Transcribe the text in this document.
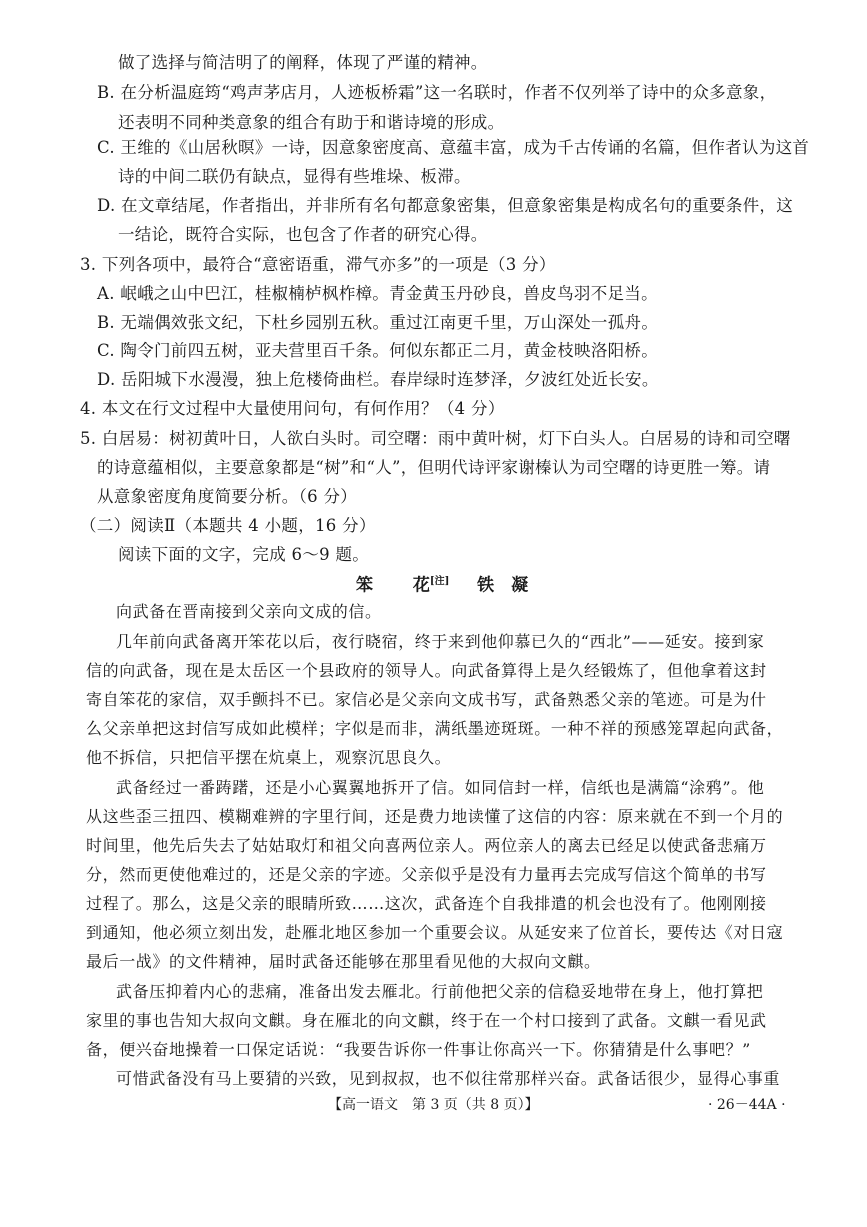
做了选择与简洁明了的阐释，体现了严谨的精神。
B. 在分析温庭筠“鸡声茅店月，人迹板桥霜”这一名联时，作者不仅列举了诗中的众多意象，
还表明不同种类意象的组合有助于和谐诗境的形成。
C. 王维的《山居秋暝》一诗，因意象密度高、意蕴丰富，成为千古传诵的名篇，但作者认为这首
诗的中间二联仍有缺点，显得有些堆垛、板滞。
D. 在文章结尾，作者指出，并非所有名句都意象密集，但意象密集是构成名句的重要条件，这
一结论，既符合实际，也包含了作者的研究心得。
3. 下列各项中，最符合“意密语重，滞气亦多”的一项是（3 分）
A. 岷峨之山中巴江，桂椒楠栌枫柞樟。青金黄玉丹砂良，兽皮鸟羽不足当。
B. 无端偶效张文纪，下杜乡园别五秋。重过江南更千里，万山深处一孤舟。
C. 陶令门前四五树，亚夫营里百千条。何似东都正二月，黄金枝映洛阳桥。
D. 岳阳城下水漫漫，独上危楼倚曲栏。春岸绿时连梦泽，夕波红处近长安。
4. 本文在行文过程中大量使用问句，有何作用？（4 分）
5. 白居易：树初黄叶日，人欲白头时。司空曙：雨中黄叶树，灯下白头人。白居易的诗和司空曙
的诗意蕴相似，主要意象都是“树”和“人”，但明代诗评家谢榛认为司空曙的诗更胜一筹。请
从意象密度角度简要分析。（6 分）
（二）阅读Ⅱ（本题共 4 小题，16 分）
阅读下面的文字，完成 6～9 题。
笨 花[注] 铁　凝
向武备在晋南接到父亲向文成的信。
几年前向武备离开笨花以后，夜行晓宿，终于来到他仰慕已久的“西北”——延安。接到家
信的向武备，现在是太岳区一个县政府的领导人。向武备算得上是久经锻炼了，但他拿着这封
寄自笨花的家信，双手颤抖不已。家信必是父亲向文成书写，武备熟悉父亲的笔迹。可是为什
么父亲单把这封信写成如此模样；字似是而非，满纸墨迹斑斑。一种不祥的预感笼罩起向武备，
他不拆信，只把信平摆在炕桌上，观察沉思良久。
武备经过一番踌躇，还是小心翼翼地拆开了信。如同信封一样，信纸也是满篇“涂鸦”。他
从这些歪三扭四、模糊难辨的字里行间，还是费力地读懂了这信的内容：原来就在不到一个月的
时间里，他先后失去了姑姑取灯和祖父向喜两位亲人。两位亲人的离去已经足以使武备悲痛万
分，然而更使他难过的，还是父亲的字迹。父亲似乎是没有力量再去完成写信这个简单的书写
过程了。那么，这是父亲的眼睛所致……这次，武备连个自我排遣的机会也没有了。他刚刚接
到通知，他必须立刻出发，赴雁北地区参加一个重要会议。从延安来了位首长，要传达《对日寇
最后一战》的文件精神，届时武备还能够在那里看见他的大叔向文麒。
武备压抑着内心的悲痛，准备出发去雁北。行前他把父亲的信稳妥地带在身上，他打算把
家里的事也告知大叔向文麒。身在雁北的向文麒，终于在一个村口接到了武备。文麒一看见武
备，便兴奋地操着一口保定话说：“我要告诉你一件事让你高兴一下。你猜猜是什么事吧？”
可惜武备没有马上要猜的兴致，见到叔叔，也不似往常那样兴奋。武备话很少，显得心事重
【高一语文　第 3 页（共 8 页）】	· 26－44A ·
